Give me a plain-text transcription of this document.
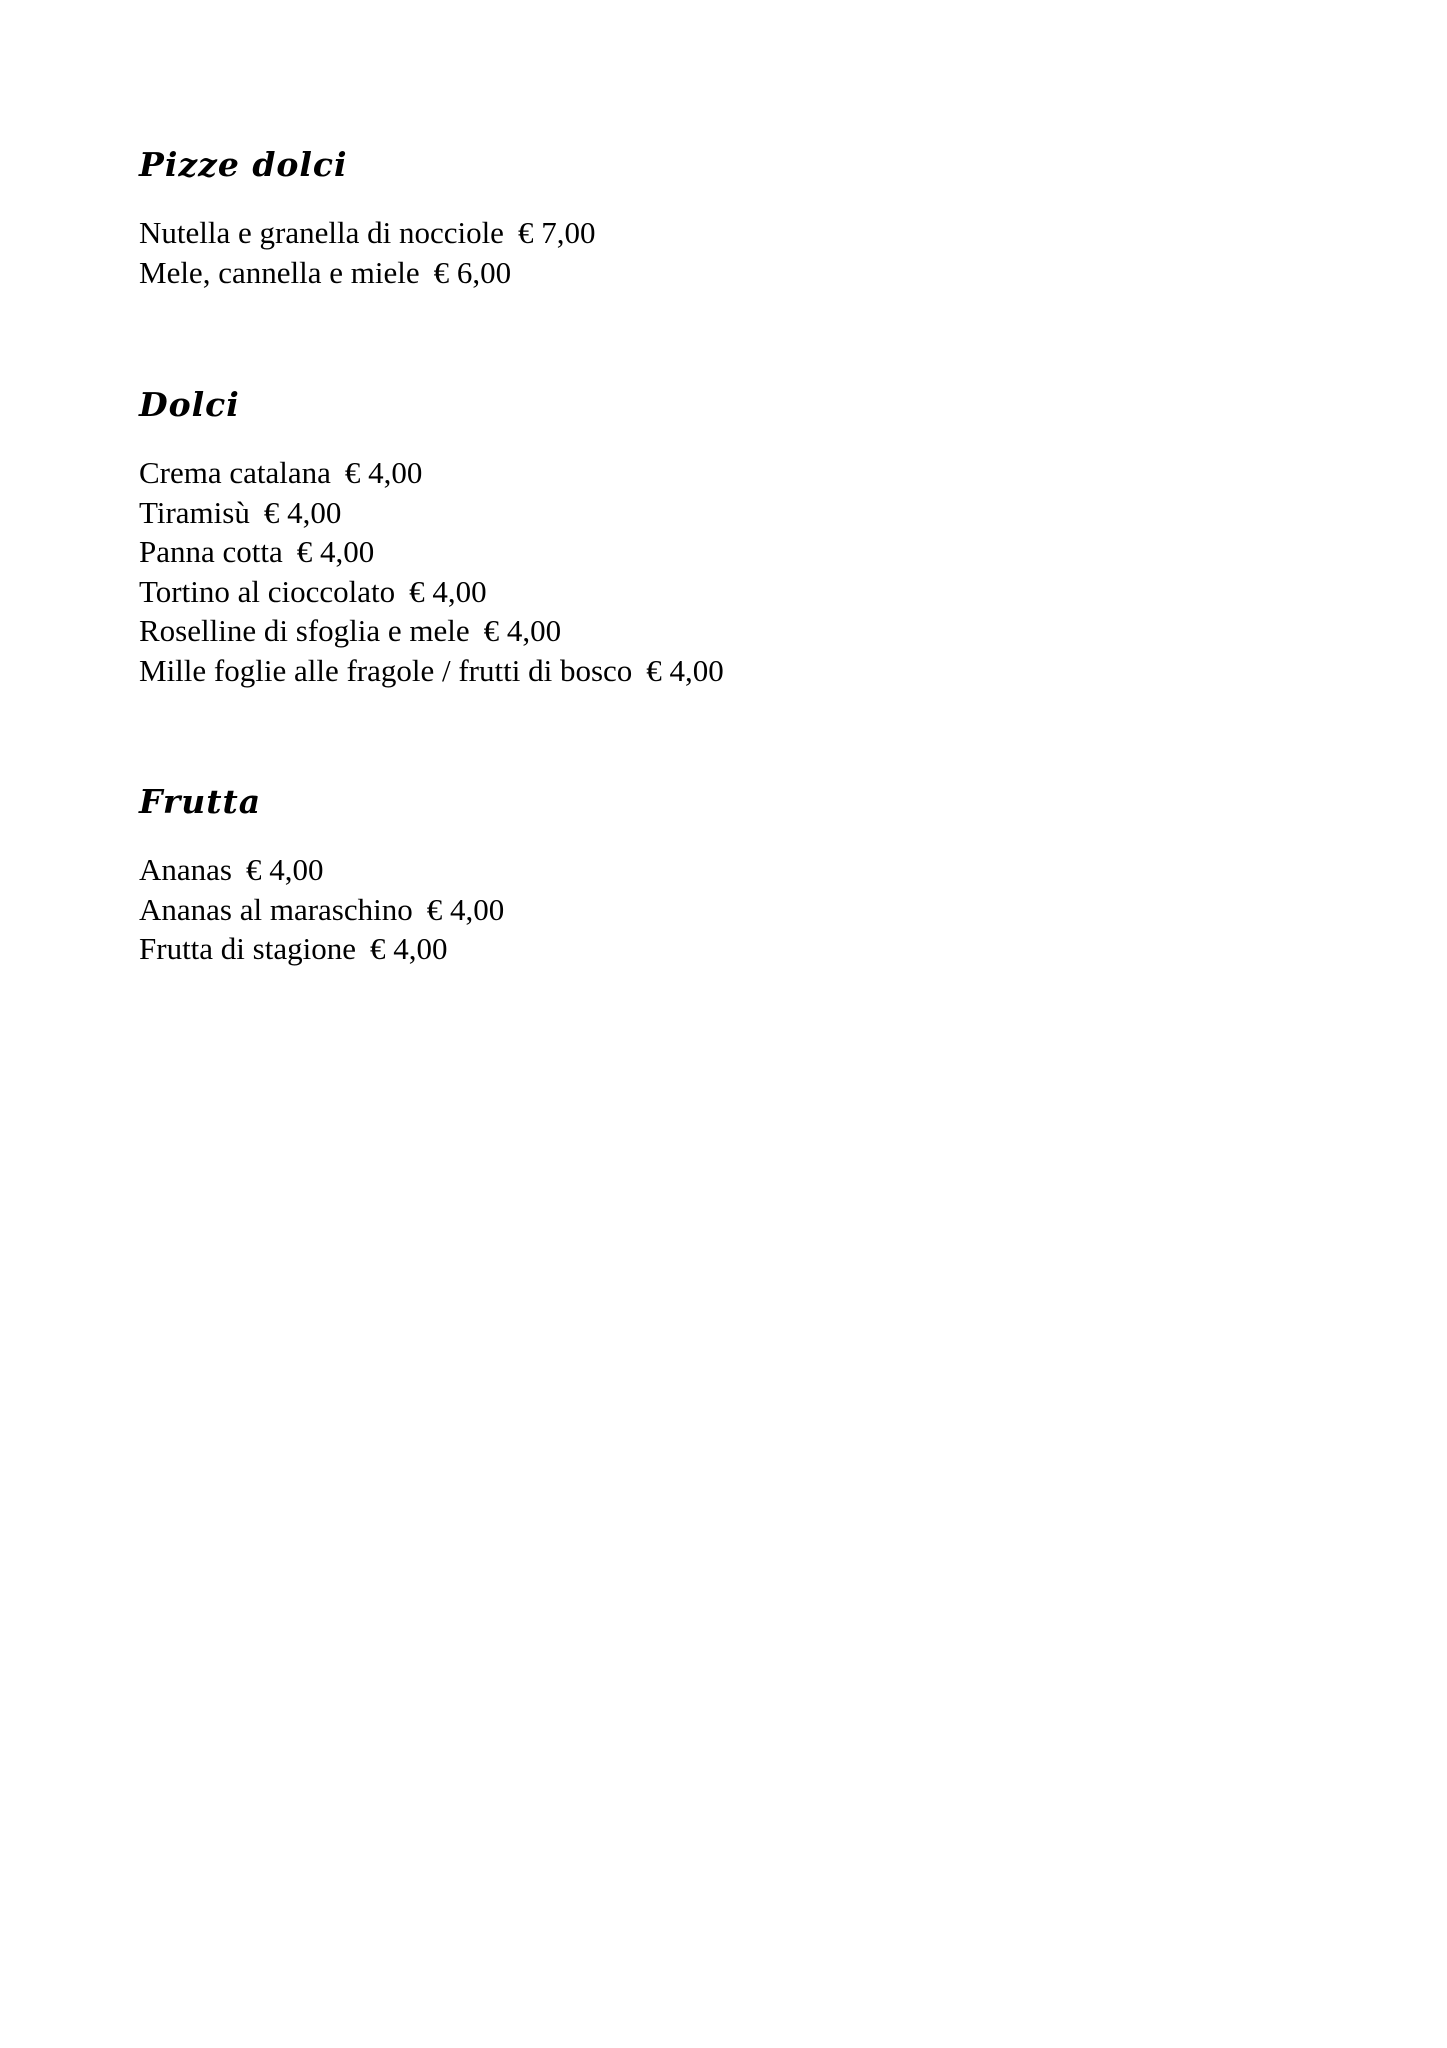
Pizze dolci
Nutella e granella di nocciole € 7,00
Mele, cannella e miele € 6,00
Dolci
Crema catalana € 4,00
Tiramisù € 4,00
Panna cotta € 4,00
Tortino al cioccolato € 4,00
Roselline di sfoglia e mele € 4,00
Mille foglie alle fragole / frutti di bosco € 4,00
Frutta
Ananas € 4,00
Ananas al maraschino € 4,00
Frutta di stagione € 4,00
